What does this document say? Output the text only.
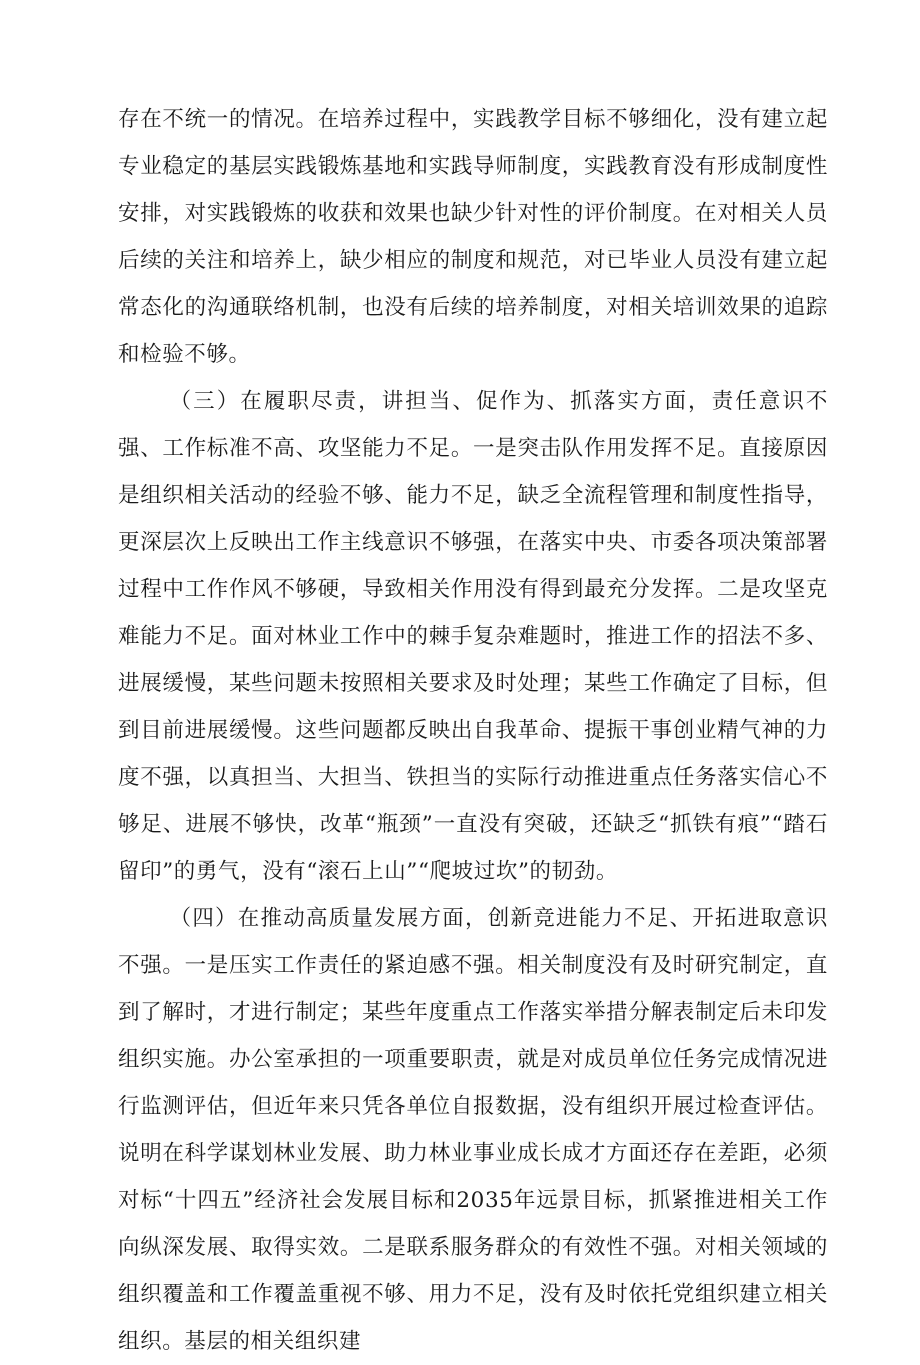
存在不统一的情况。在培养过程中，实践教学目标不够细化，没有建立起专业稳定的基层实践锻炼基地和实践导师制度，实践教育没有形成制度性安排，对实践锻炼的收获和效果也缺少针对性的评价制度。在对相关人员后续的关注和培养上，缺少相应的制度和规范，对已毕业人员没有建立起常态化的沟通联络机制，也没有后续的培养制度，对相关培训效果的追踪和检验不够。

（三）在履职尽责，讲担当、促作为、抓落实方面，责任意识不强、工作标准不高、攻坚能力不足。一是突击队作用发挥不足。直接原因是组织相关活动的经验不够、能力不足，缺乏全流程管理和制度性指导，更深层次上反映出工作主线意识不够强，在落实中央、市委各项决策部署过程中工作作风不够硬，导致相关作用没有得到最充分发挥。二是攻坚克难能力不足。面对林业工作中的棘手复杂难题时，推进工作的招法不多、进展缓慢，某些问题未按照相关要求及时处理；某些工作确定了目标，但到目前进展缓慢。这些问题都反映出自我革命、提振干事创业精气神的力度不强，以真担当、大担当、铁担当的实际行动推进重点任务落实信心不够足、进展不够快，改革“瓶颈”一直没有突破，还缺乏“抓铁有痕”“踏石留印”的勇气，没有“滚石上山”“爬坡过坎”的韧劲。

（四）在推动高质量发展方面，创新竞进能力不足、开拓进取意识不强。一是压实工作责任的紧迫感不强。相关制度没有及时研究制定，直到了解时，才进行制定；某些年度重点工作落实举措分解表制定后未印发组织实施。办公室承担的一项重要职责，就是对成员单位任务完成情况进行监测评估，但近年来只凭各单位自报数据，没有组织开展过检查评估。说明在科学谋划林业发展、助力林业事业成长成才方面还存在差距，必须对标“十四五”经济社会发展目标和2035年远景目标，抓紧推进相关工作向纵深发展、取得实效。二是联系服务群众的有效性不强。对相关领域的组织覆盖和工作覆盖重视不够、用力不足，没有及时依托党组织建立相关组织。基层的相关组织建
